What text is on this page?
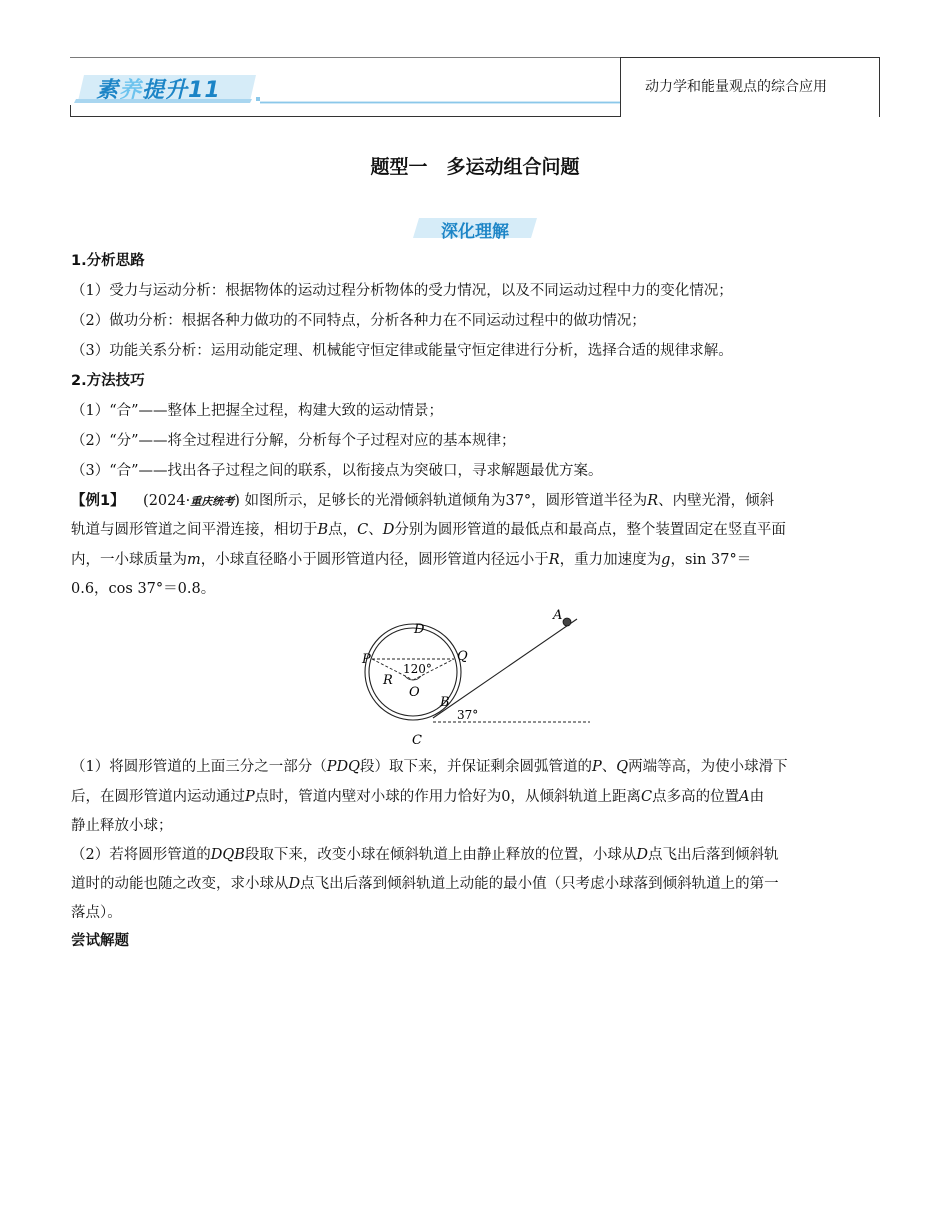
素养提升11	动力学和能量观点的综合应用
题型一　多运动组合问题
深化理解
1.分析思路
（1）受力与运动分析：根据物体的运动过程分析物体的受力情况，以及不同运动过程中力的变化情况；
（2）做功分析：根据各种力做功的不同特点，分析各种力在不同运动过程中的做功情况；
（3）功能关系分析：运用动能定理、机械能守恒定律或能量守恒定律进行分析，选择合适的规律求解。
2.方法技巧
（1）“合”——整体上把握全过程，构建大致的运动情景；
（2）“分”——将全过程进行分解，分析每个子过程对应的基本规律；
（3）“合”——找出各子过程之间的联系，以衔接点为突破口，寻求解题最优方案。
【例1】 (2024·重庆统考) 如图所示，足够长的光滑倾斜轨道倾角为37°，圆形管道半径为R、内壁光滑，倾斜
轨道与圆形管道之间平滑连接，相切于B点，C、D分别为圆形管道的最低点和最高点，整个装置固定在竖直平面
内，一小球质量为m，小球直径略小于圆形管道内径，圆形管道内径远小于R，重力加速度为g，sin 37°＝
0.6，cos 37°＝0.8。
A
D
P	Q
120°
R
O
B
C
37°
（1）将圆形管道的上面三分之一部分（PDQ段）取下来，并保证剩余圆弧管道的P、Q两端等高，为使小球滑下
后，在圆形管道内运动通过P点时，管道内壁对小球的作用力恰好为0，从倾斜轨道上距离C点多高的位置A由
静止释放小球；
（2）若将圆形管道的DQB段取下来，改变小球在倾斜轨道上由静止释放的位置，小球从D点飞出后落到倾斜轨
道时的动能也随之改变，求小球从D点飞出后落到倾斜轨道上动能的最小值（只考虑小球落到倾斜轨道上的第一
落点）。
尝试解题
